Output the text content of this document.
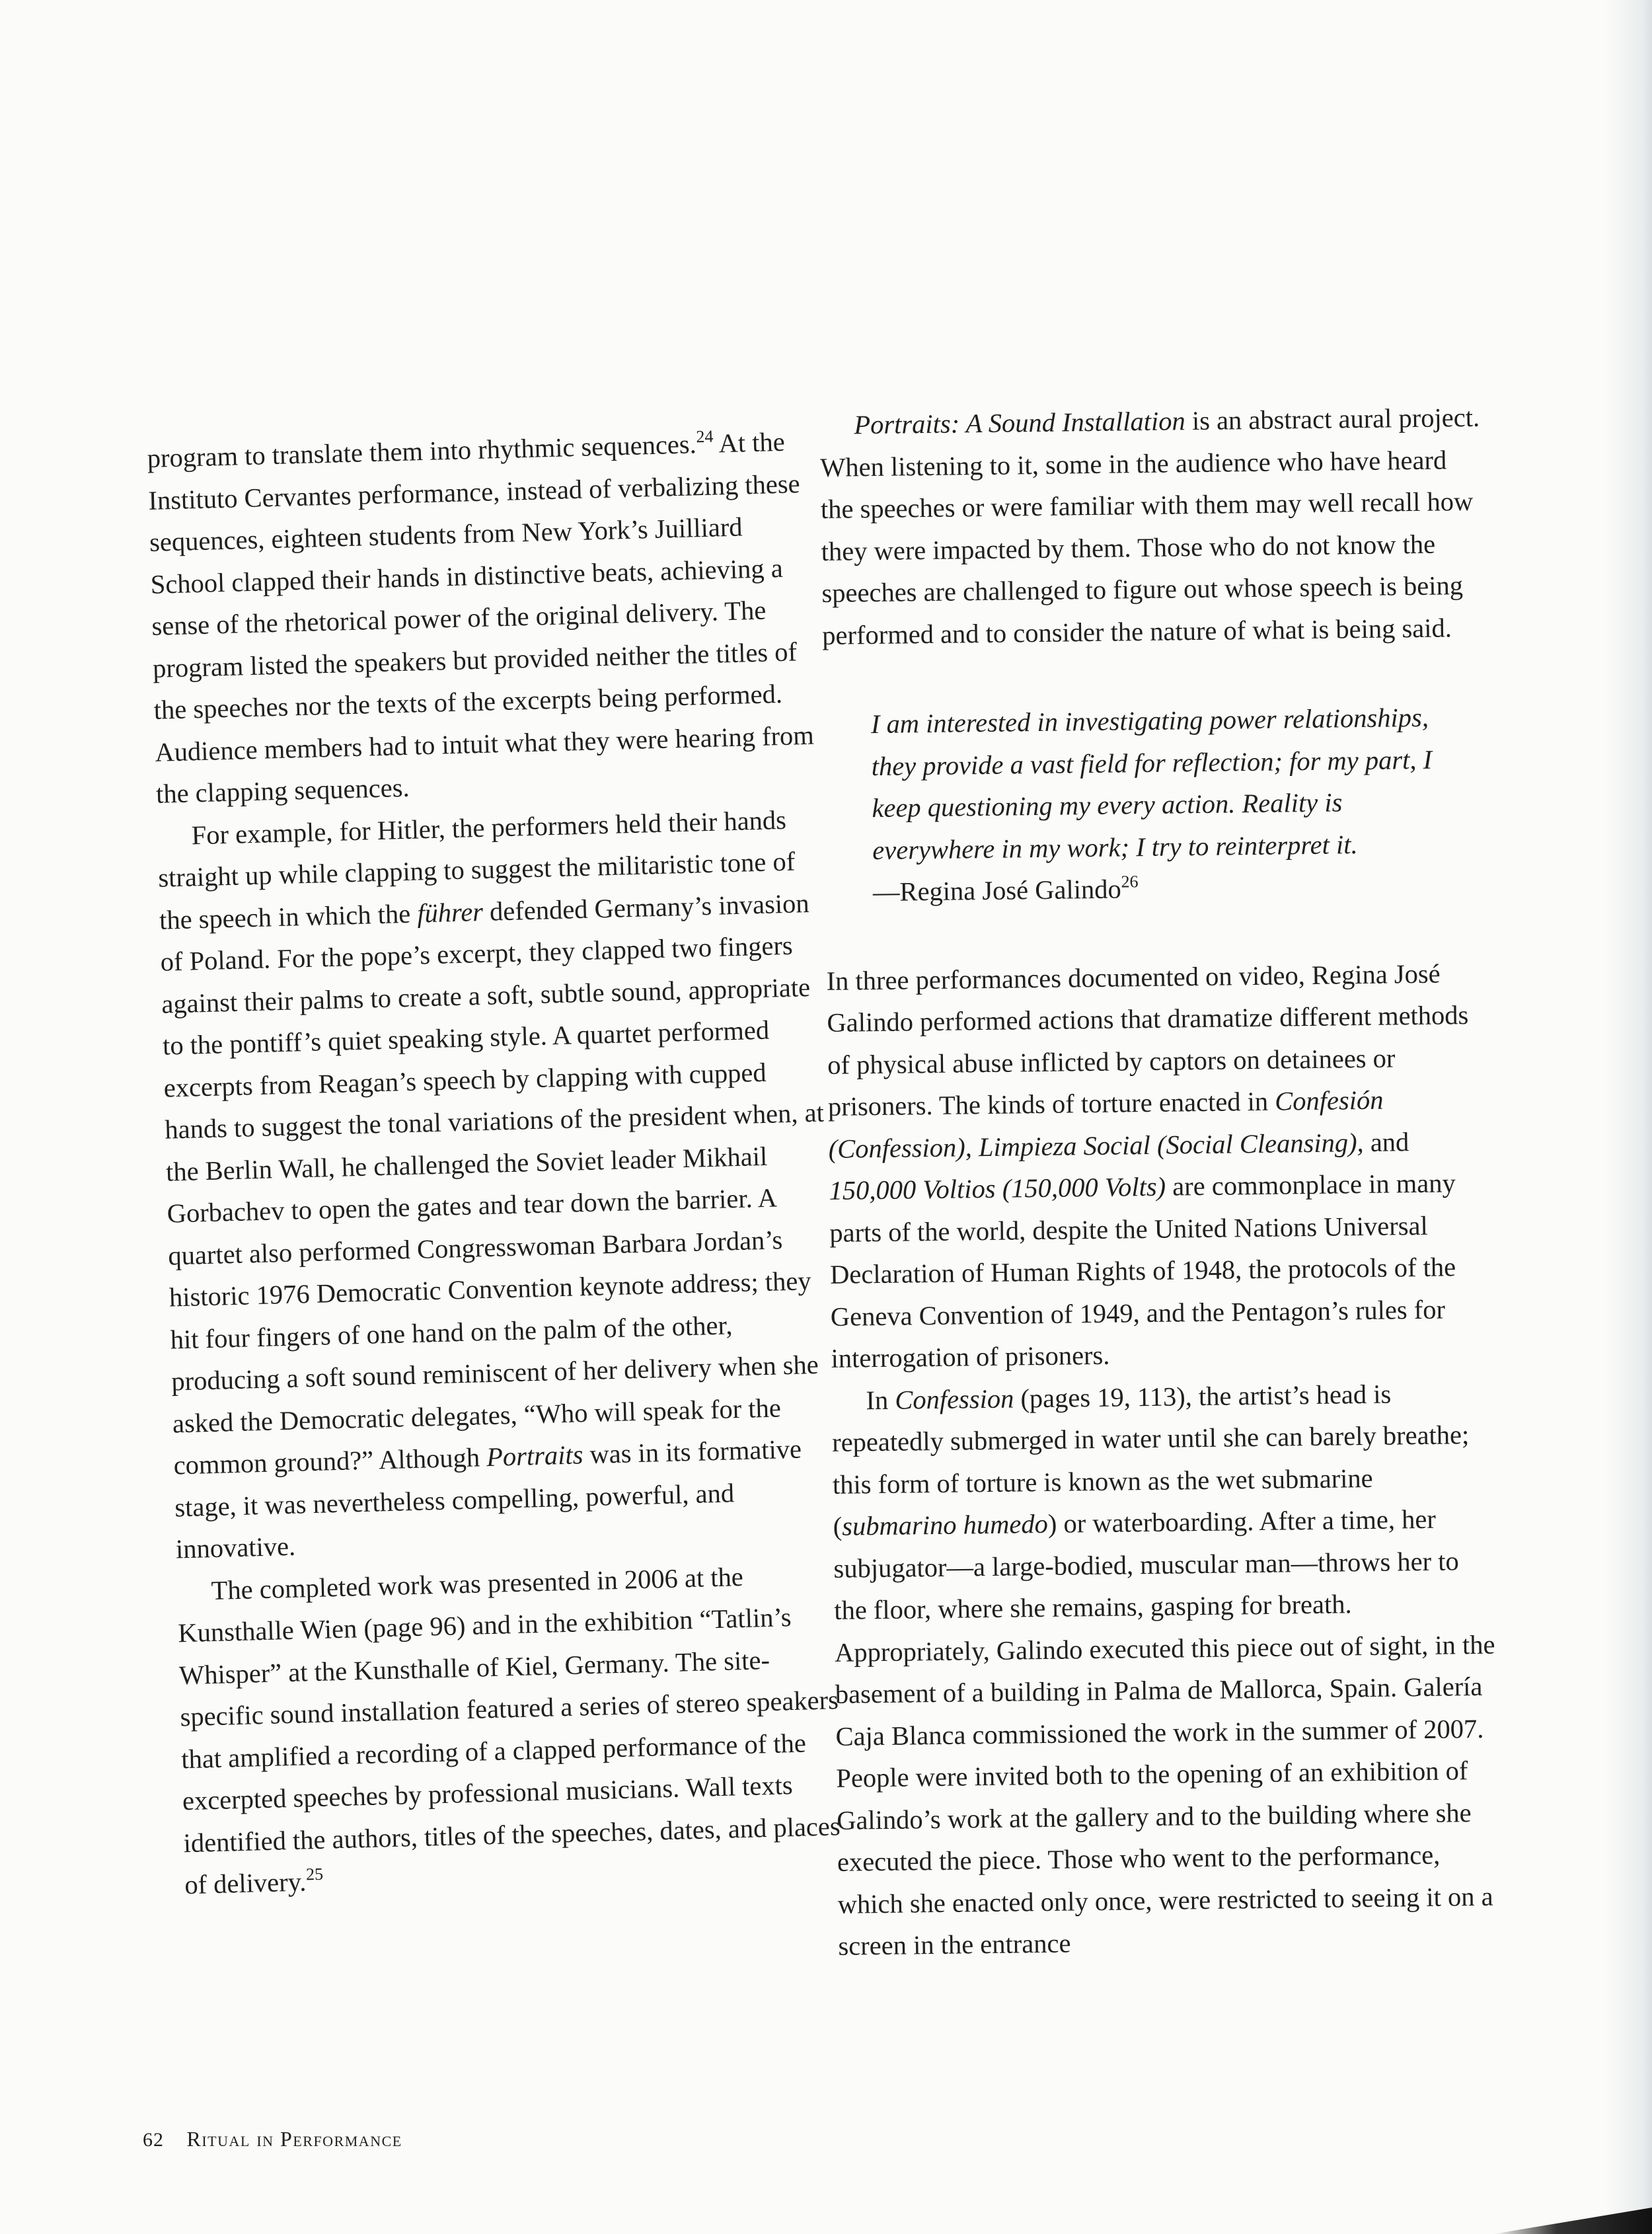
program to translate them into rhythmic sequences.$^{24}$ At the Instituto Cervantes performance, instead of verbalizing these sequences, eighteen students from New York’s Juilliard School clapped their hands in distinctive beats, achieving a sense of the rhetorical power of the original delivery. The program listed the speakers but provided neither the titles of the speeches nor the texts of the excerpts being performed. Audience members had to intuit what they were hearing from the clapping sequences.

For example, for Hitler, the performers held their hands straight up while clapping to suggest the militaristic tone of the speech in which the führer defended Germany’s invasion of Poland. For the pope’s excerpt, they clapped two fingers against their palms to create a soft, subtle sound, appropriate to the pontiff’s quiet speaking style. A quartet performed excerpts from Reagan’s speech by clapping with cupped hands to suggest the tonal variations of the president when, at the Berlin Wall, he challenged the Soviet leader Mikhail Gorbachev to open the gates and tear down the barrier. A quartet also performed Congresswoman Barbara Jordan’s historic 1976 Democratic Convention keynote address; they hit four fingers of one hand on the palm of the other, producing a soft sound reminiscent of her delivery when she asked the Democratic delegates, “Who will speak for the common ground?” Although Portraits was in its formative stage, it was nevertheless compelling, powerful, and innovative.

The completed work was presented in 2006 at the Kunsthalle Wien (page 96) and in the exhibition “Tatlin’s Whisper” at the Kunsthalle of Kiel, Germany. The site-specific sound installation featured a series of stereo speakers that amplified a recording of a clapped performance of the excerpted speeches by professional musicians. Wall texts identified the authors, titles of the speeches, dates, and places of delivery.$^{25}$

Portraits: A Sound Installation is an abstract aural project. When listening to it, some in the audience who have heard the speeches or were familiar with them may well recall how they were impacted by them. Those who do not know the speeches are challenged to figure out whose speech is being performed and to consider the nature of what is being said.

I am interested in investigating power relationships, they provide a vast field for reflection; for my part, I keep questioning my every action. Reality is everywhere in my work; I try to reinterpret it.
—Regina José Galindo$^{26}$

In three performances documented on video, Regina José Galindo performed actions that dramatize different methods of physical abuse inflicted by captors on detainees or prisoners. The kinds of torture enacted in Confesión (Confession), Limpieza Social (Social Cleansing), and 150,000 Voltios (150,000 Volts) are commonplace in many parts of the world, despite the United Nations Universal Declaration of Human Rights of 1948, the protocols of the Geneva Convention of 1949, and the Pentagon’s rules for interrogation of prisoners.

In Confession (pages 19, 113), the artist’s head is repeatedly submerged in water until she can barely breathe; this form of torture is known as the wet submarine (submarino humedo) or waterboarding. After a time, her subjugator—a large-bodied, muscular man—throws her to the floor, where she remains, gasping for breath. Appropriately, Galindo executed this piece out of sight, in the basement of a building in Palma de Mallorca, Spain. Galería Caja Blanca commissioned the work in the summer of 2007. People were invited both to the opening of an exhibition of Galindo’s work at the gallery and to the building where she executed the piece. Those who went to the performance, which she enacted only once, were restricted to seeing it on a screen in the entrance

62 Ritual in Performance
